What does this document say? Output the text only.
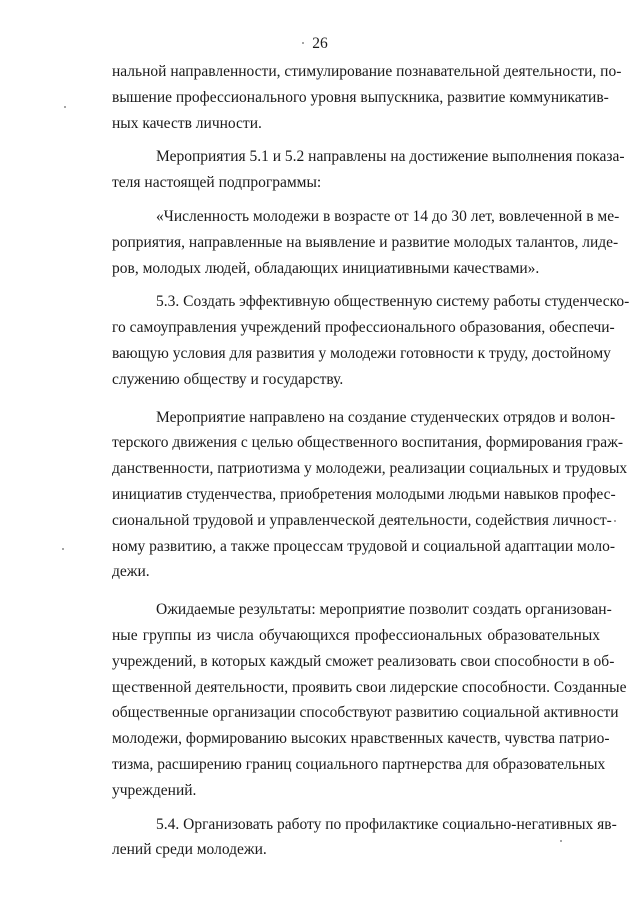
26
нальной направленности, стимулирование познавательной деятельности, по-
вышение профессионального уровня выпускника, развитие коммуникатив-
ных качеств личности.
Мероприятия 5.1 и 5.2 направлены на достижение выполнения показа-
теля настоящей подпрограммы:
«Численность молодежи в возрасте от 14 до 30 лет, вовлеченной в ме-
роприятия, направленные на выявление и развитие молодых талантов, лиде-
ров, молодых людей, обладающих инициативными качествами».
5.3. Создать эффективную общественную систему работы студенческо-
го самоуправления учреждений профессионального образования, обеспечи-
вающую условия для развития у молодежи готовности к труду, достойному
служению обществу и государству.
Мероприятие направлено на создание студенческих отрядов и волон-
терского движения с целью общественного воспитания, формирования граж-
данственности, патриотизма у молодежи, реализации социальных и трудовых
инициатив студенчества, приобретения молодыми людьми навыков профес-
сиональной трудовой и управленческой деятельности, содействия личност-
ному развитию, а также процессам трудовой и социальной адаптации моло-
дежи.
Ожидаемые результаты: мероприятие позволит создать организован-
ные группы из числа обучающихся профессиональных образовательных
учреждений, в которых каждый сможет реализовать свои способности в об-
щественной деятельности, проявить свои лидерские способности. Созданные
общественные организации способствуют развитию социальной активности
молодежи, формированию высоких нравственных качеств, чувства патрио-
тизма, расширению границ социального партнерства для образовательных
учреждений.
5.4. Организовать работу по профилактике социально-негативных яв-
лений среди молодежи.
